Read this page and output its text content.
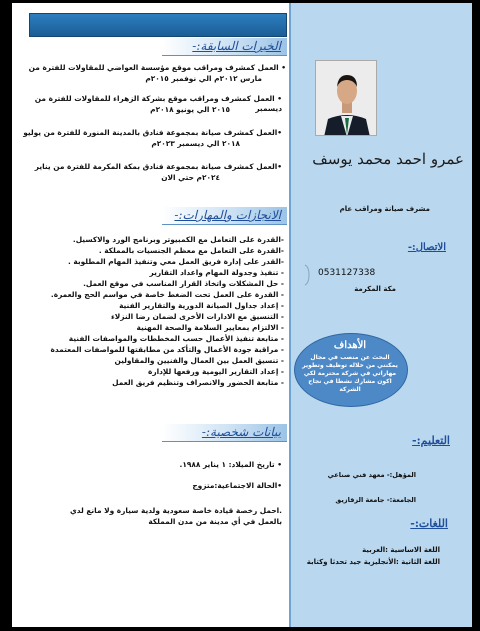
الخبرات السابقة:-
• العمل كمشرف ومراقب موقع مؤسسة العواضي للمقاولات للفترة من
مارس ٢٠١٢م الي نوفمبر ٢٠١٥م
• العمل كمشرف ومراقب موقع بشركة الزهراء للمقاولات للفترة من ديسمبر
٢٠١٥ الي يونيو ٢٠١٨م
•العمل كمشرف صيانة بمجموعة فنادق بالمدينة المنورة للفترة من يوليو
٢٠١٨ الي ديسمبر ٢٠٢٣م
•العمل كمشرف صيانة بمجموعة فنادق بمكة المكرمة للفترة من يناير
٢٠٢٤م حتي الان
الانجازات والمهارات:-
-القدرة على التعامل مع الكمبيوتر وبرنامج الورد والاكسيل.
-القدرة على التعامل مع معظم الجنسيات بالمملكة .
-القدر على إدارة فريق العمل معي وتنفيذ المهام المطلوبة .
- تنفيذ وجدولة المهام واعداد التقارير
- حل المشكلات واتخاذ القرار المناسب في موقع العمل.
- القدرة على العمل تحت الضغط خاصة في مواسم الحج والعمرة.
- إعداد جداول الصيانة الدورية والتقارير الفنية
- التنسيق مع الادارات الأخرى لضمان رضا النزلاء
- الالتزام بمعايير السلامة والصحة المهنية
- متابعة تنفيذ الأعمال حسب المخططات والمواصفات الفنية
- مراقبة جودة الأعمال والتأكد من مطابقتها للمواصفات المعتمدة
- تنسيق العمل بين العمال والفنيين والمقاولين
- إعداد التقارير اليومية ورفعها للإدارة
- متابعة الحضور والانصراف وتنظيم فريق العمل
بيانات شخصية:-
• تاريخ الميلاد: ١ يناير ١٩٨٨.
•الحالة الاجتماعية:متزوج
.احمل رخصة قيادة خاصة سعودية ولدية سيارة ولا مانع لدي
بالعمل في أي مدينة من مدن المملكة
عمرو احمد محمد يوسف
مشرف صيانة ومراقب عام
الاتصال:-
0531127338
مكة المكرمة
الأهداف
البحث عن منصب في مجال يمكنني من خلاله توظيف وتطوير مهاراتي في شركة محترمة لكي اكون مشارك نشطا في نجاح الشركة
التعليم:-
المؤهل:- معهد فني صناعي
الجامعة:- جامعة الزقازيق
اللغات:-
اللغة الاساسية :العربية
اللغة الثانية :الأنجليزية جيد تحدثا وكتابة
